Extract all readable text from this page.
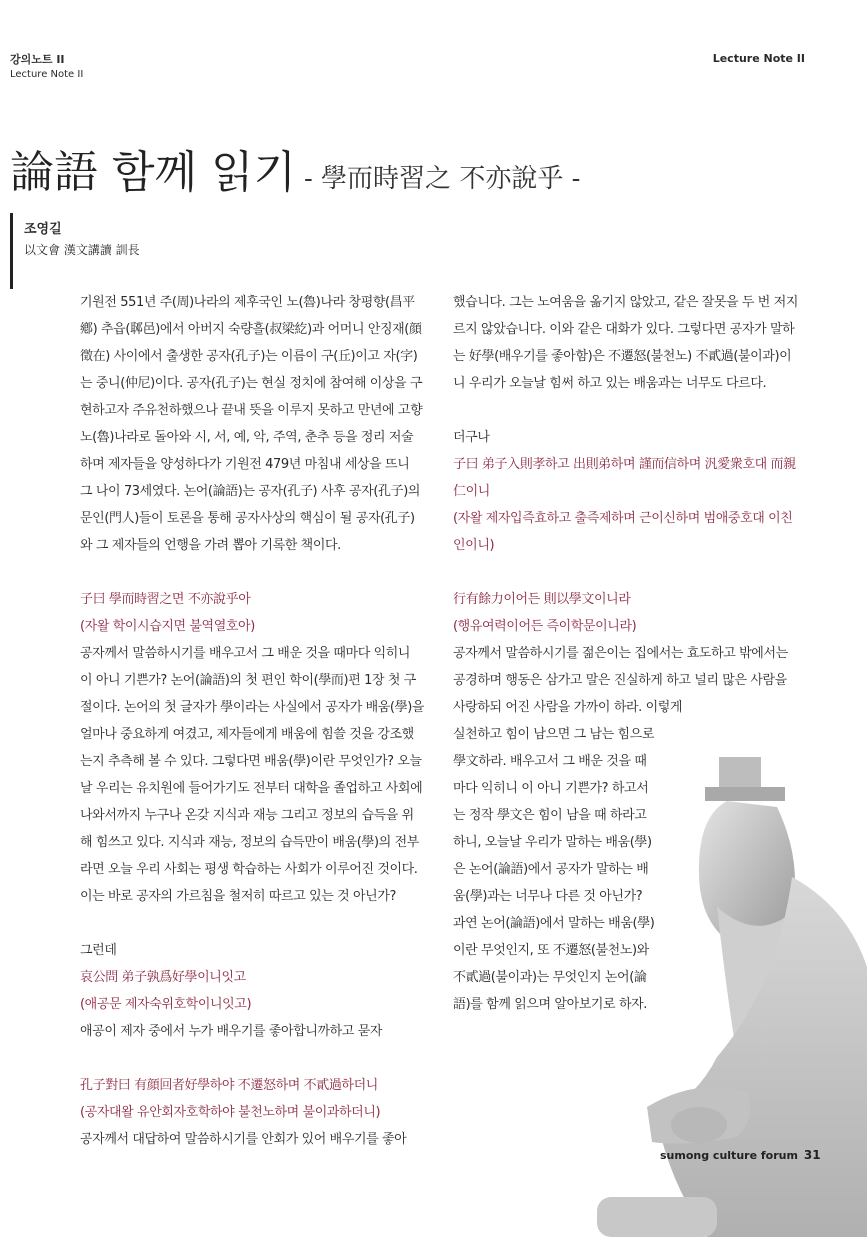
강의노트 II
Lecture Note II
Lecture Note II
論語 함께 읽기 - 學而時習之 不亦說乎 -
조영길
以文會 漢文講讀 訓長

기원전 551년 주(周)나라의 제후국인 노(魯)나라 창평향(昌平鄕) 추읍(郰邑)에서 아버지 숙량흘(叔梁紇)과 어머니 안징재(顔徵在) 사이에서 출생한 공자(孔子)는 이름이 구(丘)이고 자(字)는 중니(仲尼)이다. 공자(孔子)는 현실 정치에 참여해 이상을 구현하고자 주유천하했으나 끝내 뜻을 이루지 못하고 만년에 고향 노(魯)나라로 돌아와 시, 서, 예, 악, 주역, 춘추 등을 정리 저술하며 제자들을 양성하다가 기원전 479년 마침내 세상을 뜨니 그 나이 73세였다. 논어(論語)는 공자(孔子) 사후 공자(孔子)의 문인(門人)들이 토론을 통해 공자사상의 핵심이 될 공자(孔子)와 그 제자들의 언행을 가려 뽑아 기록한 책이다.

子曰 學而時習之면 不亦說乎아

(자왈 학이시습지면 불역열호아)

공자께서 말씀하시기를 배우고서 그 배운 것을 때마다 익히니 이 아니 기쁜가? 논어(論語)의 첫 편인 학이(學而)편 1장 첫 구절이다. 논어의 첫 글자가 學이라는 사실에서 공자가 배움(學)을 얼마나 중요하게 여겼고, 제자들에게 배움에 힘쓸 것을 강조했는지 추측해 볼 수 있다. 그렇다면 배움(學)이란 무엇인가? 오늘날 우리는 유치원에 들어가기도 전부터 대학을 졸업하고 사회에 나와서까지 누구나 온갖 지식과 재능 그리고 정보의 습득을 위해 힘쓰고 있다. 지식과 재능, 정보의 습득만이 배움(學)의 전부라면 오늘 우리 사회는 평생 학습하는 사회가 이루어진 것이다. 이는 바로 공자의 가르침을 철저히 따르고 있는 것 아닌가?

그런데

哀公問 弟子孰爲好學이니잇고

(애공문 제자숙위호학이니잇고)

애공이 제자 중에서 누가 배우기를 좋아합니까하고 묻자

孔子對曰 有顔回者好學하야 不遷怒하며 不貳過하더니

(공자대왈 유안회자호학하야 불천노하며 불이과하더니)

공자께서 대답하여 말씀하시기를 안회가 있어 배우기를 좋아

했습니다. 그는 노여움을 옮기지 않았고, 같은 잘못을 두 번 저지르지 않았습니다. 이와 같은 대화가 있다. 그렇다면 공자가 말하는 好學(배우기를 좋아함)은 不遷怒(불천노) 不貳過(불이과)이니 우리가 오늘날 힘써 하고 있는 배움과는 너무도 다르다.

더구나

子曰 弟子入則孝하고 出則弟하며 謹而信하며 汎愛衆호대 而親仁이니

(자왈 제자입즉효하고 출즉제하며 근이신하며 범애중호대 이친인이니)

行有餘力이어든 則以學文이니라

(행유여력이어든 즉이학문이니라)

공자께서 말씀하시기를 젊은이는 집에서는 효도하고 밖에서는 공경하며 행동은 삼가고 말은 진실하게 하고 널리 많은 사람을 사랑하되 어진 사람을 가까이 하라. 이렇게

실천하고 힘이 남으면 그 남는 힘으로 學文하라. 배우고서 그 배운 것을 때마다 익히니 이 아니 기쁜가? 하고서는 정작 學文은 힘이 남을 때 하라고 하니, 오늘날 우리가 말하는 배움(學)은 논어(論語)에서 공자가 말하는 배움(學)과는 너무나 다른 것 아닌가? 과연 논어(論語)에서 말하는 배움(學)이란 무엇인지, 또 不遷怒(불천노)와 不貳過(불이과)는 무엇인지 논어(論語)를 함께 읽으며 알아보기로 하자.

sumong culture forum 31
